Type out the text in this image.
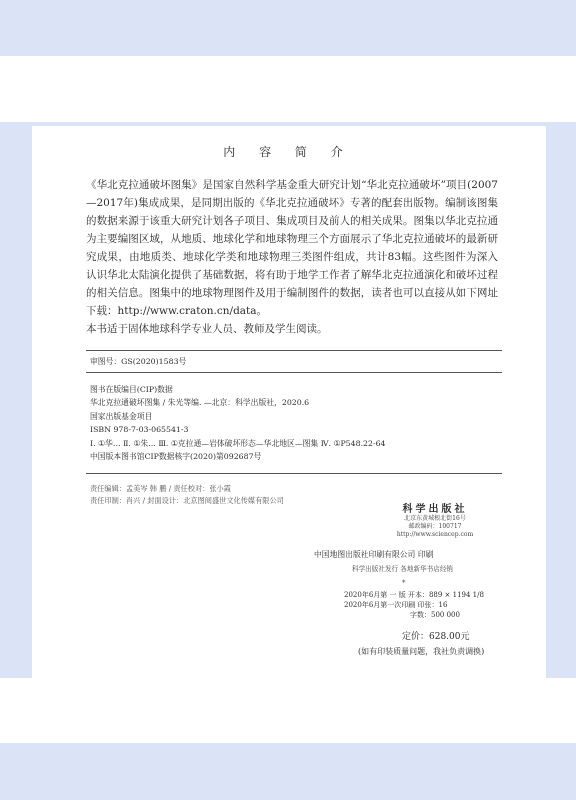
内 容 简 介
《华北克拉通破坏图集》是国家自然科学基金重大研究计划“华北克拉通破坏”项目(2007—2017年)集成成果，是同期出版的《华北克拉通破坏》专著的配套出版物。编制该图集的数据来源于该重大研究计划各子项目、集成项目及前人的相关成果。图集以华北克拉通为主要编图区域，从地质、地球化学和地球物理三个方面展示了华北克拉通破坏的最新研究成果，由地质类、地球化学类和地球物理三类图件组成，共计83幅。这些图件为深入认识华北太陆演化提供了基础数据，将有助于地学工作者了解华北克拉通演化和破坏过程的相关信息。图集中的地球物理图件及用于编制图件的数据，读者也可以直接从如下网址下载：http://www.craton.cn/data。
本书适于固体地球科学专业人员、教师及学生阅读。
审图号：GS(2020)1583号
图书在版编目(CIP)数据
华北克拉通破坏图集 / 朱光等编. —北京：科学出版社，2020.6
国家出版基金项目
ISBN 978-7-03-065541-3
Ⅰ. ①华… Ⅱ. ①朱… Ⅲ. ①克拉通—岩体破坏形态—华北地区—图集 Ⅳ. ①P548.22-64
中国版本图书馆CIP数据核字(2020)第092687号
责任编辑：孟美岑 韩 鹏 / 责任校对：张小霞
责任印制：肖兴 / 封面设计：北京图阅盛世文化传媒有限公司
科学出版社
北京东黄城根北街16号
邮政编码：100717
http://www.sciencep.com
中国地图出版社印刷有限公司 印刷
科学出版社发行 各地新华书店经销
*
2020年6月第 一 版 开本：889 × 1194 1/8
2020年6月第一次印刷 印张：16
字数：500 000
定价：628.00元
(如有印装质量问题，我社负责调换)
